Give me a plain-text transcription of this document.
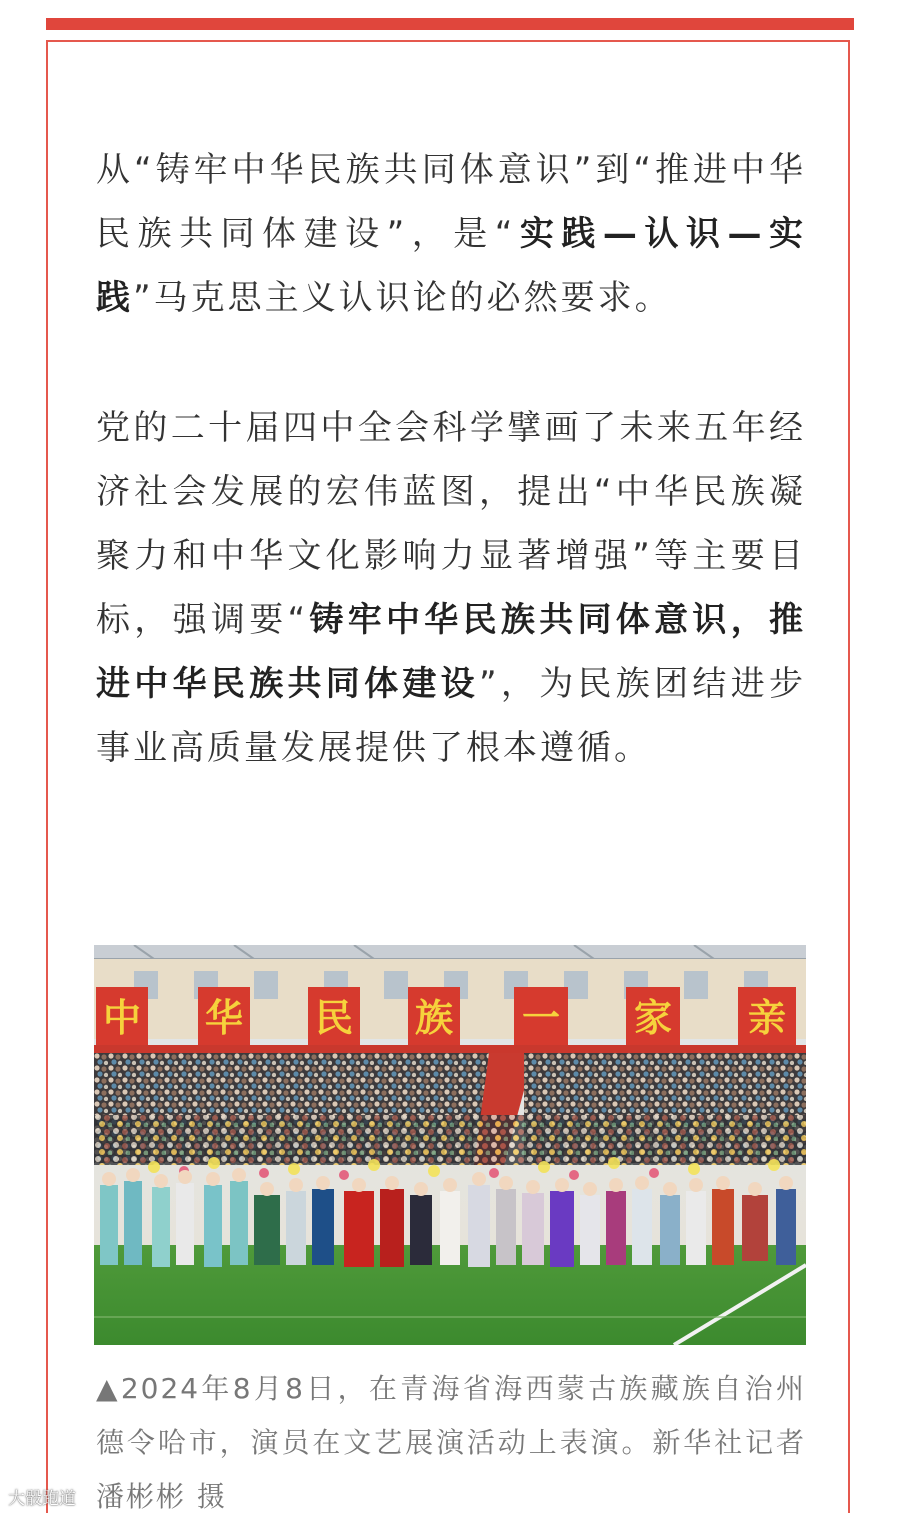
从“铸牢中华民族共同体意识”到“推进中华民族共同体建设”，是“实践—认识—实践”马克思主义认识论的必然要求。

党的二十届四中全会科学擘画了未来五年经济社会发展的宏伟蓝图，提出“中华民族凝聚力和中华文化影响力显著增强”等主要目标，强调要“铸牢中华民族共同体意识，推进中华民族共同体建设”，为民族团结进步事业高质量发展提供了根本遵循。

中 华 民 族 一 家 亲
▲2024年8月8日，在青海省海西蒙古族藏族自治州德令哈市，演员在文艺展演活动上表演。新华社记者 潘彬彬 摄
大骰跑道
